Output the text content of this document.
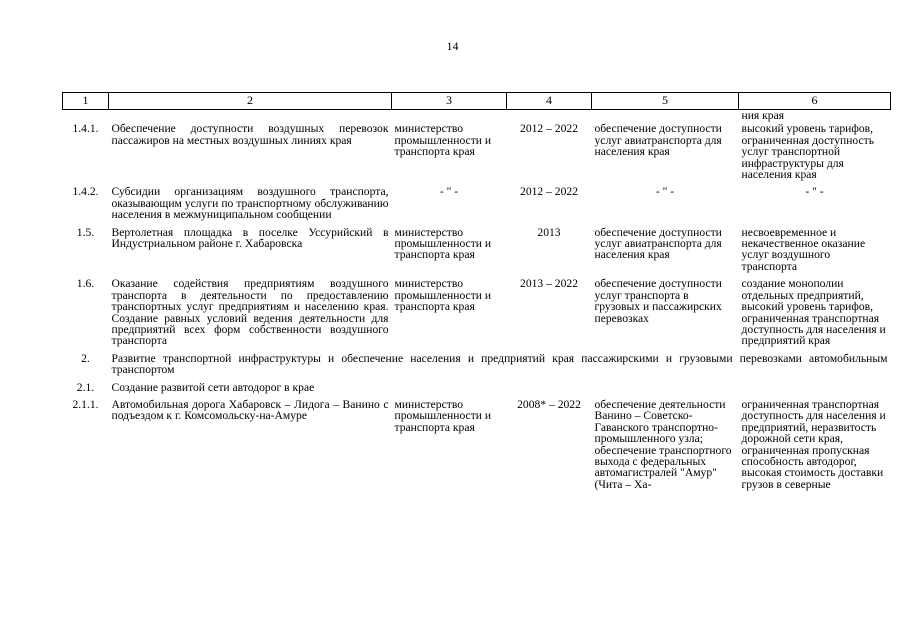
14
1	2	3	4	5	6
					ния края
1.4.1.	Обеспечение доступности воздушных перевозок пассажиров на местных воздушных линиях края	министерство промышленности и транспорта края	2012 – 2022	обеспечение доступности услуг авиатранспорта для населения края	высокий уровень тарифов, ограниченная доступность услуг транспортной инфраструктуры для населения края
1.4.2.	Субсидии организациям воздушного транспорта, оказывающим услуги по транспортному обслуживанию населения в межмуниципальном сообщении	- " -	2012 – 2022	- " -	- " -
1.5.	Вертолетная площадка в поселке Уссурийский в Индустриальном районе г. Хабаровска	министерство промышленности и транспорта края	2013	обеспечение доступности услуг авиатранспорта для населения края	несвоевременное и некачественное оказание услуг воздушного транспорта
1.6.	Оказание содействия предприятиям воздушного транспорта в деятельности по предоставлению транспортных услуг предприятиям и населению края. Создание равных условий ведения деятельности для предприятий всех форм собственности воздушного транспорта	министерство промышленности и транспорта края	2013 – 2022	обеспечение доступности услуг транспорта в грузовых и пассажирских перевозках	создание монополии отдельных предприятий, высокий уровень тарифов, ограниченная транспортная доступность для населения и предприятий края
2.	Развитие транспортной инфраструктуры и обеспечение населения и предприятий края пассажирскими и грузовыми перевозками автомобильным транспортом				
2.1.	Создание развитой сети автодорог в крае				
2.1.1.	Автомобильная дорога Хабаровск – Лидога – Ванино с подъездом к г. Комсомольску-на-Амуре	министерство промышленности и транспорта края	2008* – 2022	обеспечение деятельности Ванино – Советско-Гаванского транспортно-промышленного узла; обеспечение транспортного выхода с федеральных автомагистралей "Амур" (Чита – Ха-	ограниченная транспортная доступность для населения и предприятий, неразвитость дорожной сети края, ограниченная пропускная способность автодорог, высокая стоимость доставки грузов в северные
